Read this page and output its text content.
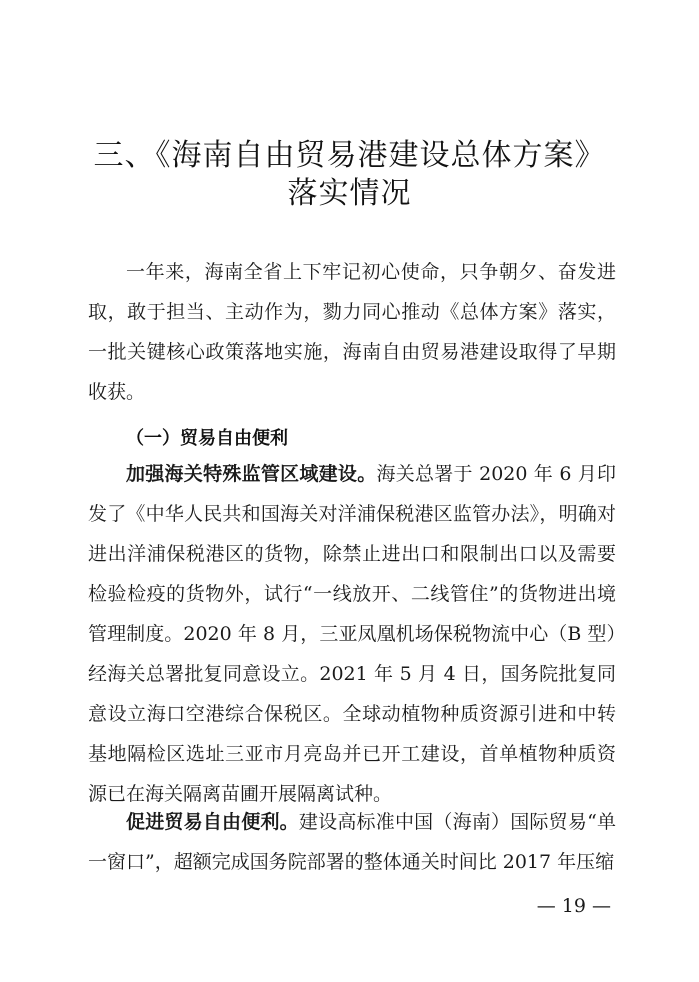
三、《海南自由贸易港建设总体方案》
落实情况
一年来，海南全省上下牢记初心使命，只争朝夕、奋发进取，敢于担当、主动作为，勠力同心推动《总体方案》落实，一批关键核心政策落地实施，海南自由贸易港建设取得了早期收获。
（一）贸易自由便利
加强海关特殊监管区域建设。海关总署于 2020 年 6 月印发了《中华人民共和国海关对洋浦保税港区监管办法》，明确对进出洋浦保税港区的货物，除禁止进出口和限制出口以及需要检验检疫的货物外，试行“一线放开、二线管住”的货物进出境管理制度。2020 年 8 月，三亚凤凰机场保税物流中心（B 型）经海关总署批复同意设立。2021 年 5 月 4 日，国务院批复同意设立海口空港综合保税区。全球动植物种质资源引进和中转基地隔检区选址三亚市月亮岛并已开工建设，首单植物种质资源已在海关隔离苗圃开展隔离试种。
促进贸易自由便利。建设高标准中国（海南）国际贸易“单一窗口”，超额完成国务院部署的整体通关时间比 2017 年压缩
— 19 —
